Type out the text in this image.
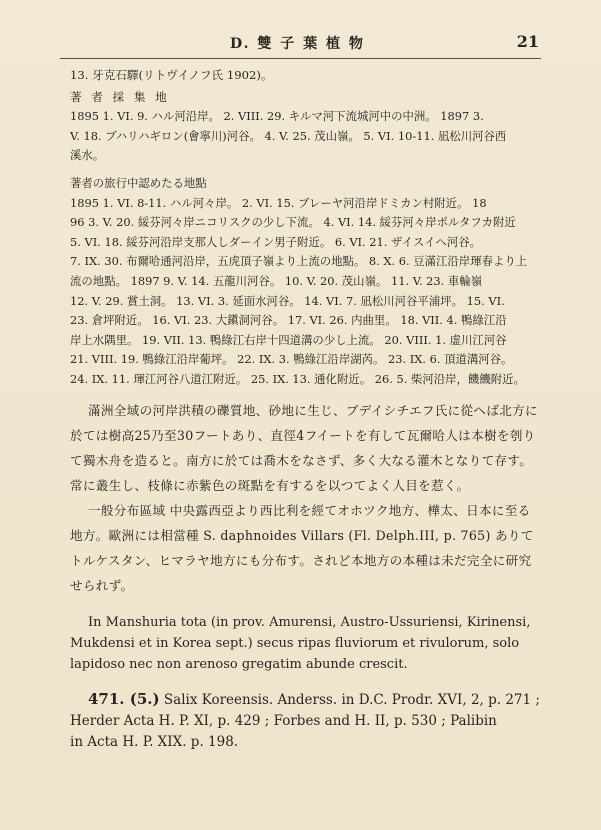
D. 雙 子 葉 植 物	21
13. 牙克石驛(リトヴイノフ氏 1902)。
著 者 採 集 地
1895 1. VI. 9. ハル河沿岸。 2. VIII. 29. キルマ河下流城河中の中洲。 1897 3.
V. 18. ブハリハギロン(會寧川)河谷。 4. V. 25. 茂山嶺。 5. VI. 10-11. 凪松川河谷西
溪水。
著者の旅行中認めたる地點
1895 1. VI. 8-11. ハル河々岸。 2. VI. 15. ブレーヤ河沿岸ドミカン村附近。 18
96 3. V. 20. 綏芬河々岸ニコリスクの少し下流。 4. VI. 14. 綏芬河々岸ポルタフカ附近
5. VI. 18. 綏芬河沿岸支那人しダーイン男子附近。 6. VI. 21. ザイスイヘ河谷。
7. IX. 30. 布爾哈通河沿岸，五虎頂子嶺より上流の地點。 8. X. 6. 豆滿江沿岸琿春より上
流の地點。 1897 9. V. 14. 五龍川河谷。 10. V. 20. 茂山嶺。 11. V. 23. 車輪嶺
12. V. 29. 賞土洞。 13. VI. 3. 延面水河谷。 14. VI. 7. 凪松川河谷平浦坪。 15. VI.
23. 倉坪附近。 16. VI. 23. 大鎭洞河谷。 17. VI. 26. 内曲里。 18. VII. 4. 鴨綠江沿
岸上水隅里。 19. VII. 13. 鴨綠江右岸十四道溝の少し上流。 20. VIII. 1. 虚川江河谷
21. VIII. 19. 鴨綠江沿岸葡坪。 22. IX. 3. 鴨綠江沿岸湖芮。 23. IX. 6. 頂道溝河谷。
24. IX. 11. 琿江河谷八道江附近。 25. IX. 13. 通化附近。 26. 5. 柴河沿岸，饑饑附近。
滿洲全域の河岸洪積の礫質地、砂地に生じ、ブデイシチエフ氏に從へば北方に
於ては樹高25乃至30フートあり、直徑4フイートを有して瓦爾哈人は本樹を刳り
て獨木舟を造ると。南方に於ては喬木をなさず、多く大なる灌木となりて存す。
常に叢生し、枝條に赤紫色の斑點を有するを以つてよく人目を惹く。
一般分布區域 中央露西亞より西比利を經てオホツク地方、樺太、日本に至る
地方。歐洲には相當種 S. daphnoides Villars (Fl. Delph.III, p. 765) ありて
トルケスタン、ヒマラヤ地方にも分布す。されど本地方の本種は未だ完全に研究
せられず。
In Manshuria tota (in prov. Amurensi, Austro-Ussuriensi, Kirinensi,
Mukdensi et in Korea sept.) secus ripas fluviorum et rivulorum, solo
lapidoso nec non arenoso gregatim abunde crescit.
471. (5.) Salix Koreensis. Anderss. in D.C. Prodr. XVI, 2, p. 271 ;
Herder Acta H. P. XI, p. 429 ; Forbes and H. II, p. 530 ; Palibin
in Acta H. P. XIX. p. 198.
